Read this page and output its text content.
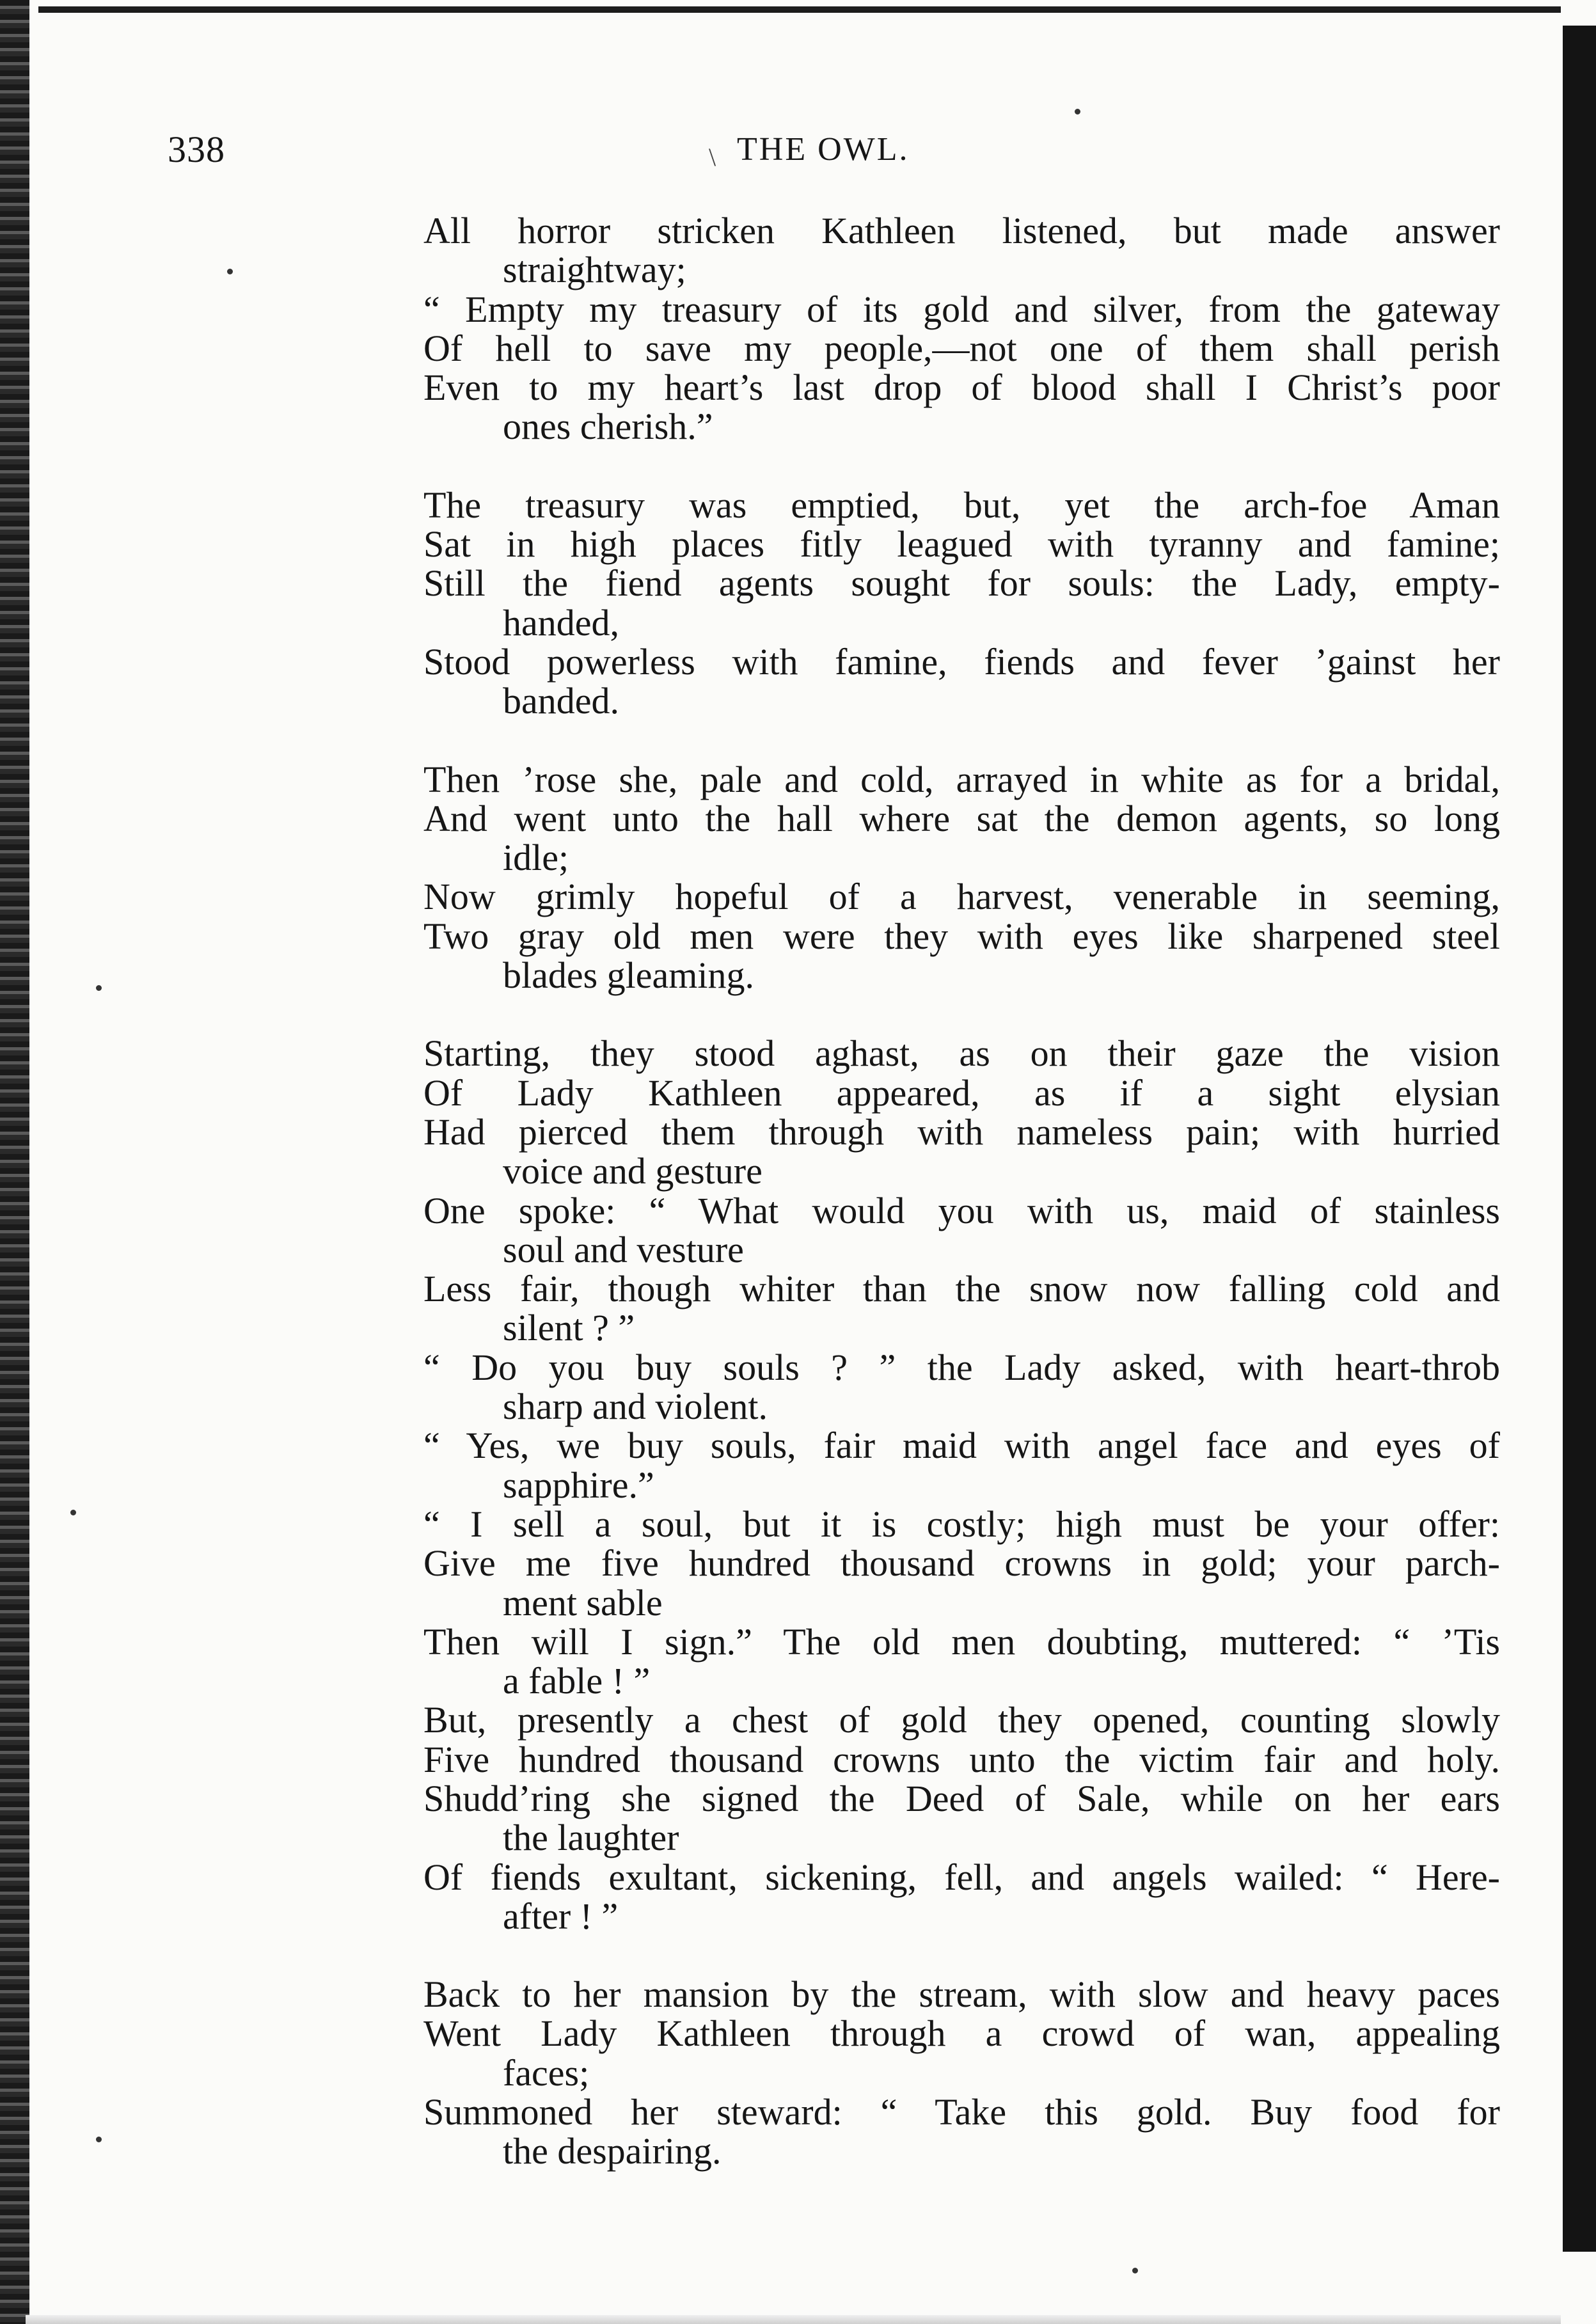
338	\ THE OWL.
All horror stricken Kathleen listened, but made answer
straightway;
“ Empty my treasury of its gold and silver, from the gateway
Of hell to save my people,—not one of them shall perish
Even to my heart’s last drop of blood shall I Christ’s poor
ones cherish.”
The treasury was emptied, but, yet the arch-foe Aman
Sat in high places fitly leagued with tyranny and famine;
Still the fiend agents sought for souls: the Lady, empty-
handed,
Stood powerless with famine, fiends and fever ’gainst her
banded.
Then ’rose she, pale and cold, arrayed in white as for a bridal,
And went unto the hall where sat the demon agents, so long
idle;
Now grimly hopeful of a harvest, venerable in seeming,
Two gray old men were they with eyes like sharpened steel
blades gleaming.
Starting, they stood aghast, as on their gaze the vision
Of Lady Kathleen appeared, as if a sight elysian
Had pierced them through with nameless pain; with hurried
voice and gesture
One spoke: “ What would you with us, maid of stainless
soul and vesture
Less fair, though whiter than the snow now falling cold and
silent ? ”
“ Do you buy souls ? ” the Lady asked, with heart-throb
sharp and violent.
“ Yes, we buy souls, fair maid with angel face and eyes of
sapphire.”
“ I sell a soul, but it is costly; high must be your offer:
Give me five hundred thousand crowns in gold; your parch-
ment sable
Then will I sign.” The old men doubting, muttered: “ ’Tis
a fable ! ”
But, presently a chest of gold they opened, counting slowly
Five hundred thousand crowns unto the victim fair and holy.
Shudd’ring she signed the Deed of Sale, while on her ears
the laughter
Of fiends exultant, sickening, fell, and angels wailed: “ Here-
after ! ”
Back to her mansion by the stream, with slow and heavy paces
Went Lady Kathleen through a crowd of wan, appealing
faces;
Summoned her steward: “ Take this gold. Buy food for
the despairing.
